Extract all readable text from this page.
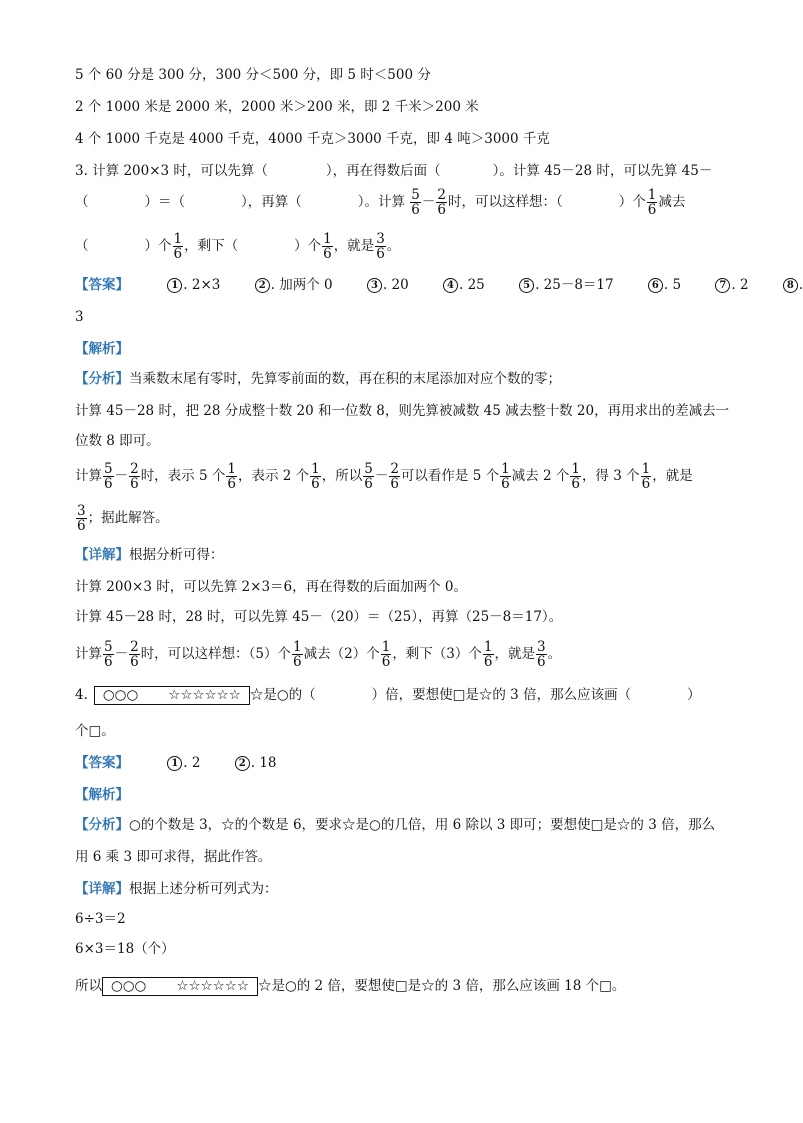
5 个 60 分是 300 分，300 分＜500 分，即 5 时＜500 分
2 个 1000 米是 2000 米，2000 米＞200 米，即 2 千米＞200 米
4 个 1000 千克是 4000 千克，4000 千克＞3000 千克，即 4 吨＞3000 千克
3. 计算 200×3 时，可以先算（	），再在得数后面（	）。计算 45－28 时，可以先算 45－
（	）＝（	），再算（	）。计算 $\frac{5}{6} - \frac{2}{6}$ 时，可以这样想：（	）个 $\frac{1}{6}$ 减去
（	）个 $\frac{1}{6}$ ，剩下（	）个 $\frac{1}{6}$ ，就是 $\frac{3}{6}$ 。
【答案】	1 . 2×3	2 . 加两个 0	3 . 20	4 . 25	5 . 25－8＝17	6 . 5	7 . 2	8 .
3
【解析】
【分析】当乘数末尾有零时，先算零前面的数，再在积的末尾添加对应个数的零；
计算 45－28 时，把 28 分成整十数 20 和一位数 8，则先算被减数 45 减去整十数 20，再用求出的差减去一
位数 8 即可。
计算 $\frac{5}{6} - \frac{2}{6}$ 时，表示 5 个 $\frac{1}{6}$ ，表示 2 个 $\frac{1}{6}$ ，所以 $\frac{5}{6} - \frac{2}{6}$ 可以看作是 5 个 $\frac{1}{6}$ 减去 2 个 $\frac{1}{6}$ ，得 3 个 $\frac{1}{6}$ ，就是
$\frac{3}{6}$ ；据此解答。
【详解】根据分析可得：
计算 200×3 时，可以先算 2×3＝6，再在得数的后面加两个 0。
计算 45－28 时，28 时，可以先算 45－（20）＝（25），再算（25－8＝17）。
计算 $\frac{5}{6} - \frac{2}{6}$ 时，可以这样想：（5）个 $\frac{1}{6}$ 减去（2）个 $\frac{1}{6}$ ，剩下（3）个 $\frac{1}{6}$ ，就是 $\frac{3}{6}$ 。
4. ○○○ ☆☆☆☆☆☆ ☆是○的（	）倍，要想使□是☆的 3 倍，那么应该画（	）
个□。
【答案】	1 . 2	2 . 18
【解析】
【分析】○的个数是 3，☆的个数是 6，要求☆是○的几倍，用 6 除以 3 即可；要想使□是☆的 3 倍，那么
用 6 乘 3 即可求得，据此作答。
【详解】根据上述分析可列式为：
6÷3＝2
6×3＝18（个）
所以 ○○○ ☆☆☆☆☆☆ ☆是○的 2 倍，要想使□是☆的 3 倍，那么应该画 18 个□。
